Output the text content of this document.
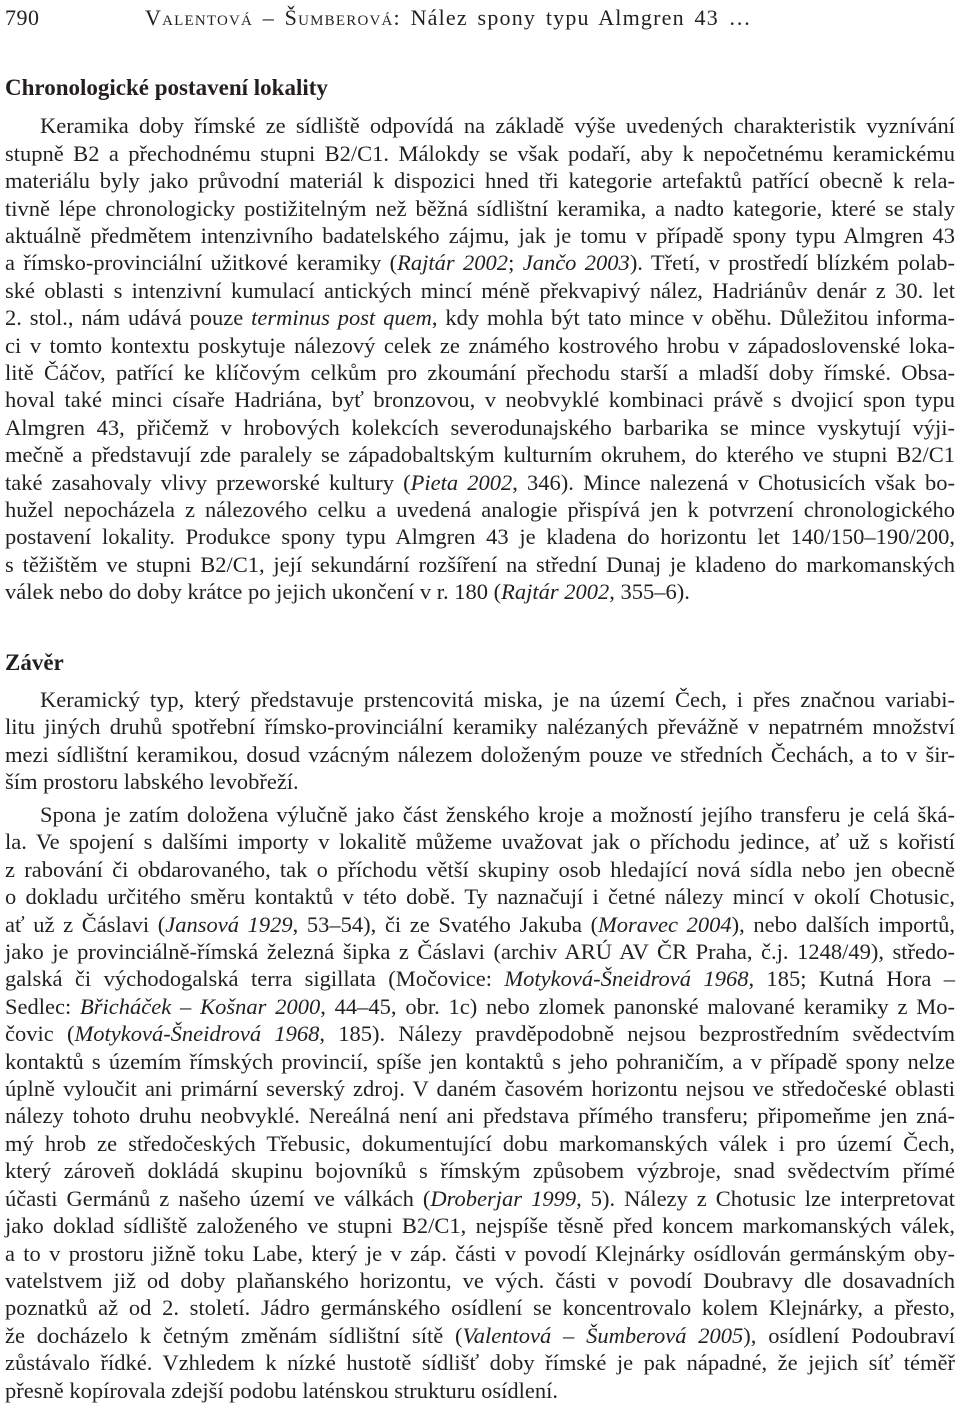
790	Valentová – Šumberová: Nález spony typu Almgren 43 …
Chronologické postavení lokality
Keramika doby římské ze sídliště odpovídá na základě výše uvedených charakteristik vyznívání
stupně B2 a přechodnému stupni B2/C1. Málokdy se však podaří, aby k nepočetnému keramickému
materiálu byly jako průvodní materiál k dispozici hned tři kategorie artefaktů patřící obecně k rela-
tivně lépe chronologicky postižitelným než běžná sídlištní keramika, a nadto kategorie, které se staly
aktuálně předmětem intenzivního badatelského zájmu, jak je tomu v případě spony typu Almgren 43
a římsko-provinciální užitkové keramiky (Rajtár 2002; Jančo 2003). Třetí, v prostředí blízkém polab-
ské oblasti s intenzivní kumulací antických mincí méně překvapivý nález, Hadriánův denár z 30. let
2. stol., nám udává pouze terminus post quem, kdy mohla být tato mince v oběhu. Důležitou informa-
ci v tomto kontextu poskytuje nálezový celek ze známého kostrového hrobu v západoslovenské loka-
litě Čáčov, patřící ke klíčovým celkům pro zkoumání přechodu starší a mladší doby římské. Obsa-
hoval také minci císaře Hadriána, byť bronzovou, v neobvyklé kombinaci právě s dvojicí spon typu
Almgren 43, přičemž v hrobových kolekcích severodunajského barbarika se mince vyskytují výji-
mečně a představují zde paralely se západobaltským kulturním okruhem, do kterého ve stupni B2/C1
také zasahovaly vlivy przeworské kultury (Pieta 2002, 346). Mince nalezená v Chotusicích však bo-
hužel nepocházela z nálezového celku a uvedená analogie přispívá jen k potvrzení chronologického
postavení lokality. Produkce spony typu Almgren 43 je kladena do horizontu let 140/150–190/200,
s těžištěm ve stupni B2/C1, její sekundární rozšíření na střední Dunaj je kladeno do markomanských
válek nebo do doby krátce po jejich ukončení v r. 180 (Rajtár 2002, 355–6).
Závěr
Keramický typ, který představuje prstencovitá miska, je na území Čech, i přes značnou variabi-
litu jiných druhů spotřební římsko-provinciální keramiky nalézaných převážně v nepatrném množství
mezi sídlištní keramikou, dosud vzácným nálezem doloženým pouze ve středních Čechách, a to v šir-
ším prostoru labského levobřeží.
Spona je zatím doložena výlučně jako část ženského kroje a možností jejího transferu je celá šká-
la. Ve spojení s dalšími importy v lokalitě můžeme uvažovat jak o příchodu jedince, ať už s kořistí
z rabování či obdarovaného, tak o příchodu větší skupiny osob hledající nová sídla nebo jen obecně
o dokladu určitého směru kontaktů v této době. Ty naznačují i četné nálezy mincí v okolí Chotusic,
ať už z Čáslavi (Jansová 1929, 53–54), či ze Svatého Jakuba (Moravec 2004), nebo dalších importů,
jako je provinciálně-římská železná šipka z Čáslavi (archiv ARÚ AV ČR Praha, č.j. 1248/49), středo-
galská či východogalská terra sigillata (Močovice: Motyková-Šneidrová 1968, 185; Kutná Hora –
Sedlec: Břicháček – Košnar 2000, 44–45, obr. 1c) nebo zlomek panonské malované keramiky z Mo-
čovic (Motyková-Šneidrová 1968, 185). Nálezy pravděpodobně nejsou bezprostředním svědectvím
kontaktů s územím římských provincií, spíše jen kontaktů s jeho pohraničím, a v případě spony nelze
úplně vyloučit ani primární severský zdroj. V daném časovém horizontu nejsou ve středočeské oblasti
nálezy tohoto druhu neobvyklé. Nereálná není ani představa přímého transferu; připomeňme jen zná-
mý hrob ze středočeských Třebusic, dokumentující dobu markomanských válek i pro území Čech,
který zároveň dokládá skupinu bojovníků s římským způsobem výzbroje, snad svědectvím přímé
účasti Germánů z našeho území ve válkách (Droberjar 1999, 5). Nálezy z Chotusic lze interpretovat
jako doklad sídliště založeného ve stupni B2/C1, nejspíše těsně před koncem markomanských válek,
a to v prostoru jižně toku Labe, který je v záp. části v povodí Klejnárky osídlován germánským oby-
vatelstvem již od doby plaňanského horizontu, ve vých. části v povodí Doubravy dle dosavadních
poznatků až od 2. století. Jádro germánského osídlení se koncentrovalo kolem Klejnárky, a přesto,
že docházelo k četným změnám sídlištní sítě (Valentová – Šumberová 2005), osídlení Podoubraví
zůstávalo řídké. Vzhledem k nízké hustotě sídlišť doby římské je pak nápadné, že jejich síť téměř
přesně kopírovala zdejší podobu laténskou strukturu osídlení.
